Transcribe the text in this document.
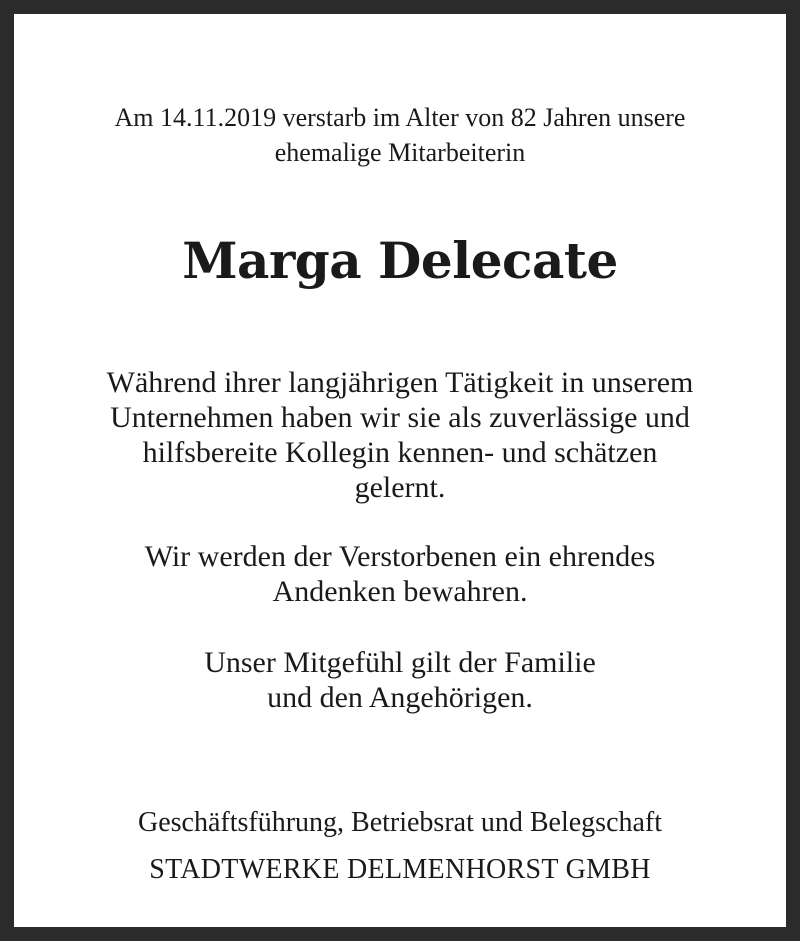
Am 14.11.2019 verstarb im Alter von 82 Jahren unsere
ehemalige Mitarbeiterin
Marga Delecate
Während ihrer langjährigen Tätigkeit in unserem
Unternehmen haben wir sie als zuverlässige und
hilfsbereite Kollegin kennen- und schätzen
gelernt.
Wir werden der Verstorbenen ein ehrendes
Andenken bewahren.
Unser Mitgefühl gilt der Familie
und den Angehörigen.
Geschäftsführung, Betriebsrat und Belegschaft
STADTWERKE DELMENHORST GMBH
